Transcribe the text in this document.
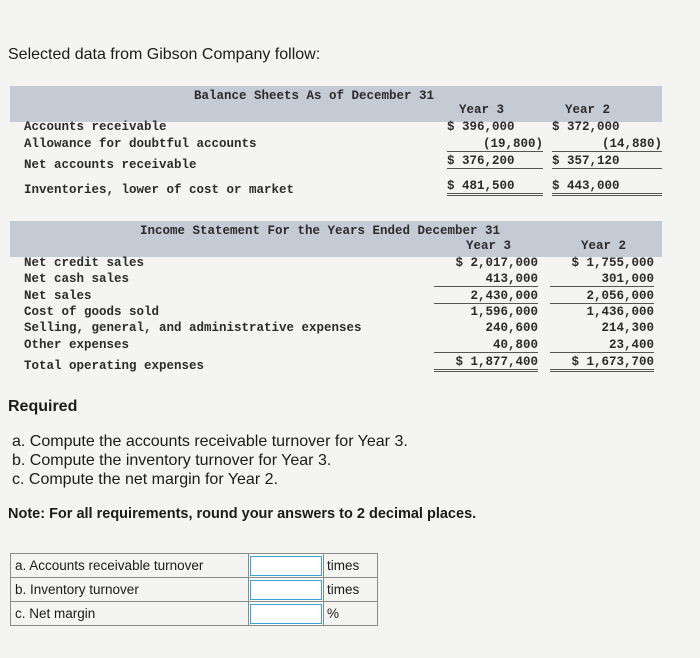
Selected data from Gibson Company follow:
Balance Sheets As of December 31
Year 3	Year 2
Accounts receivable	$ 396,000	$ 372,000
Allowance for doubtful accounts	(19,800)	(14,880)
Net accounts receivable	$ 376,200	$ 357,120
Inventories, lower of cost or market	$ 481,500	$ 443,000
Income Statement For the Years Ended December 31
Year 3	Year 2
Net credit sales	$ 2,017,000	$ 1,755,000
Net cash sales	413,000	301,000
Net sales	2,430,000	2,056,000
Cost of goods sold	1,596,000	1,436,000
Selling, general, and administrative expenses	240,600	214,300
Other expenses	40,800	23,400
Total operating expenses	$ 1,877,400	$ 1,673,700
Required
a. Compute the accounts receivable turnover for Year 3.
b. Compute the inventory turnover for Year 3.
c. Compute the net margin for Year 2.
Note: For all requirements, round your answers to 2 decimal places.
a. Accounts receivable turnover		times
b. Inventory turnover		times
c. Net margin		%
